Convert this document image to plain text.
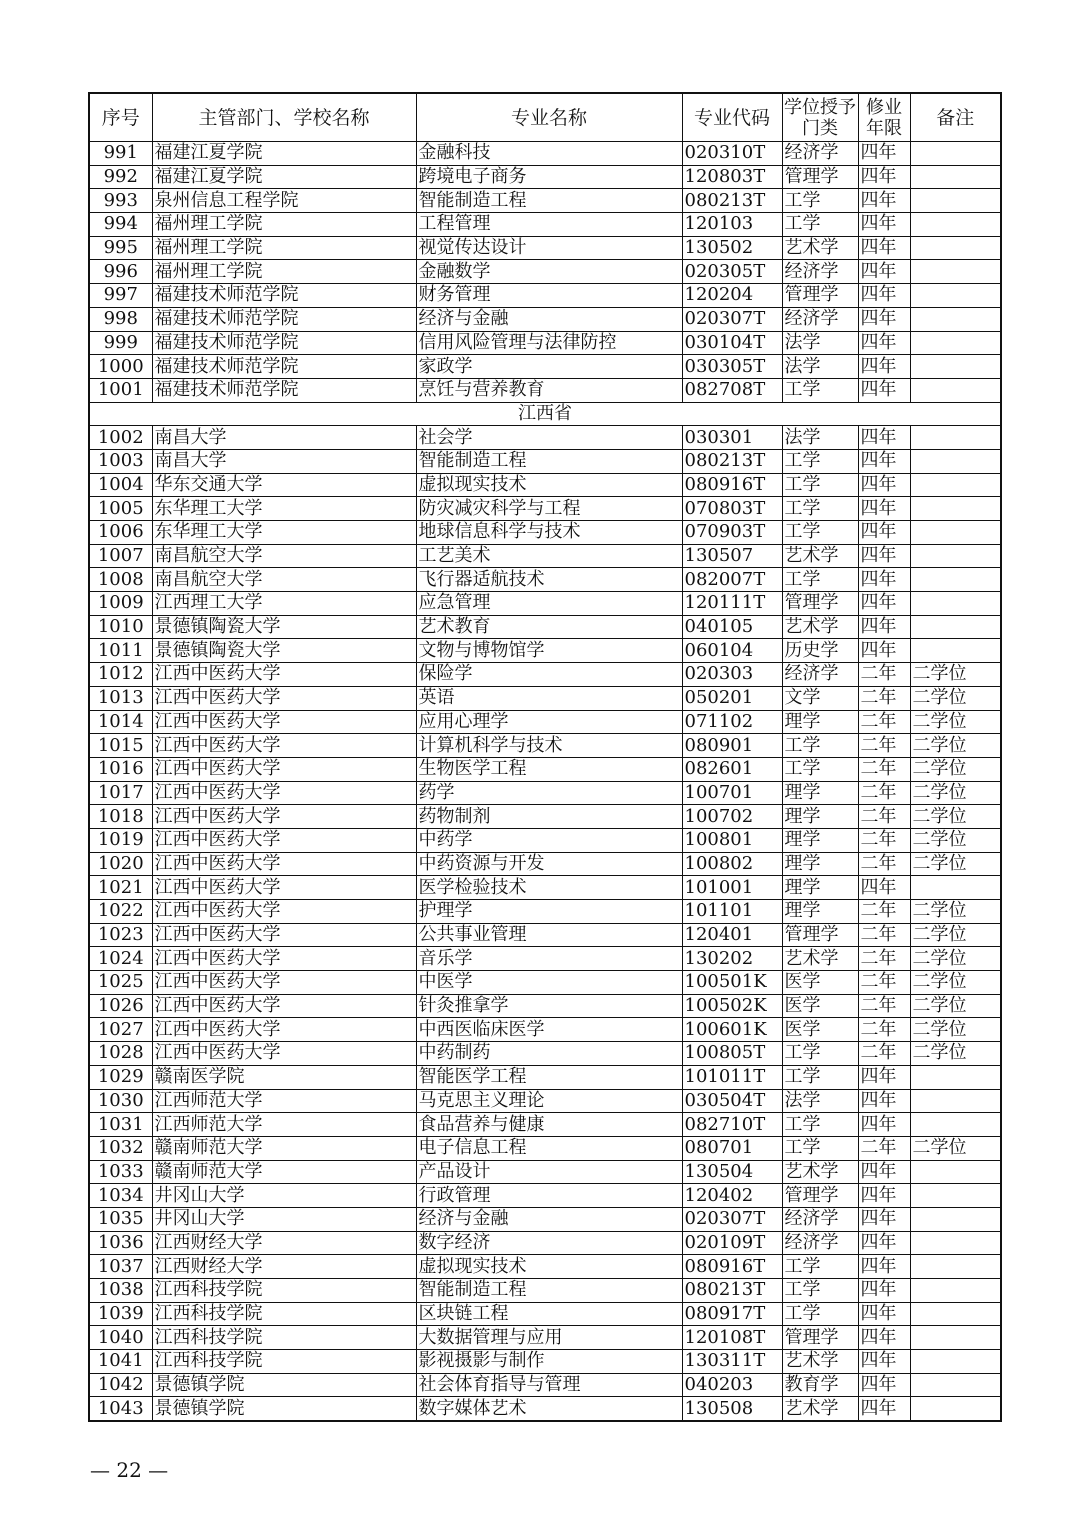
序号	主管部门、学校名称	专业名称	专业代码	学位授予门类	修业年限	备注
991	福建江夏学院	金融科技	020310T	经济学	四年	
992	福建江夏学院	跨境电子商务	120803T	管理学	四年	
993	泉州信息工程学院	智能制造工程	080213T	工学	四年	
994	福州理工学院	工程管理	120103	工学	四年	
995	福州理工学院	视觉传达设计	130502	艺术学	四年	
996	福州理工学院	金融数学	020305T	经济学	四年	
997	福建技术师范学院	财务管理	120204	管理学	四年	
998	福建技术师范学院	经济与金融	020307T	经济学	四年	
999	福建技术师范学院	信用风险管理与法律防控	030104T	法学	四年	
1000	福建技术师范学院	家政学	030305T	法学	四年	
1001	福建技术师范学院	烹饪与营养教育	082708T	工学	四年	
江西省						
1002	南昌大学	社会学	030301	法学	四年	
1003	南昌大学	智能制造工程	080213T	工学	四年	
1004	华东交通大学	虚拟现实技术	080916T	工学	四年	
1005	东华理工大学	防灾减灾科学与工程	070803T	工学	四年	
1006	东华理工大学	地球信息科学与技术	070903T	工学	四年	
1007	南昌航空大学	工艺美术	130507	艺术学	四年	
1008	南昌航空大学	飞行器适航技术	082007T	工学	四年	
1009	江西理工大学	应急管理	120111T	管理学	四年	
1010	景德镇陶瓷大学	艺术教育	040105	艺术学	四年	
1011	景德镇陶瓷大学	文物与博物馆学	060104	历史学	四年	
1012	江西中医药大学	保险学	020303	经济学	二年	二学位
1013	江西中医药大学	英语	050201	文学	二年	二学位
1014	江西中医药大学	应用心理学	071102	理学	二年	二学位
1015	江西中医药大学	计算机科学与技术	080901	工学	二年	二学位
1016	江西中医药大学	生物医学工程	082601	工学	二年	二学位
1017	江西中医药大学	药学	100701	理学	二年	二学位
1018	江西中医药大学	药物制剂	100702	理学	二年	二学位
1019	江西中医药大学	中药学	100801	理学	二年	二学位
1020	江西中医药大学	中药资源与开发	100802	理学	二年	二学位
1021	江西中医药大学	医学检验技术	101001	理学	四年	
1022	江西中医药大学	护理学	101101	理学	二年	二学位
1023	江西中医药大学	公共事业管理	120401	管理学	二年	二学位
1024	江西中医药大学	音乐学	130202	艺术学	二年	二学位
1025	江西中医药大学	中医学	100501K	医学	二年	二学位
1026	江西中医药大学	针灸推拿学	100502K	医学	二年	二学位
1027	江西中医药大学	中西医临床医学	100601K	医学	二年	二学位
1028	江西中医药大学	中药制药	100805T	工学	二年	二学位
1029	赣南医学院	智能医学工程	101011T	工学	四年	
1030	江西师范大学	马克思主义理论	030504T	法学	四年	
1031	江西师范大学	食品营养与健康	082710T	工学	四年	
1032	赣南师范大学	电子信息工程	080701	工学	二年	二学位
1033	赣南师范大学	产品设计	130504	艺术学	四年	
1034	井冈山大学	行政管理	120402	管理学	四年	
1035	井冈山大学	经济与金融	020307T	经济学	四年	
1036	江西财经大学	数字经济	020109T	经济学	四年	
1037	江西财经大学	虚拟现实技术	080916T	工学	四年	
1038	江西科技学院	智能制造工程	080213T	工学	四年	
1039	江西科技学院	区块链工程	080917T	工学	四年	
1040	江西科技学院	大数据管理与应用	120108T	管理学	四年	
1041	江西科技学院	影视摄影与制作	130311T	艺术学	四年	
1042	景德镇学院	社会体育指导与管理	040203	教育学	四年	
1043	景德镇学院	数字媒体艺术	130508	艺术学	四年	
— 22 —
